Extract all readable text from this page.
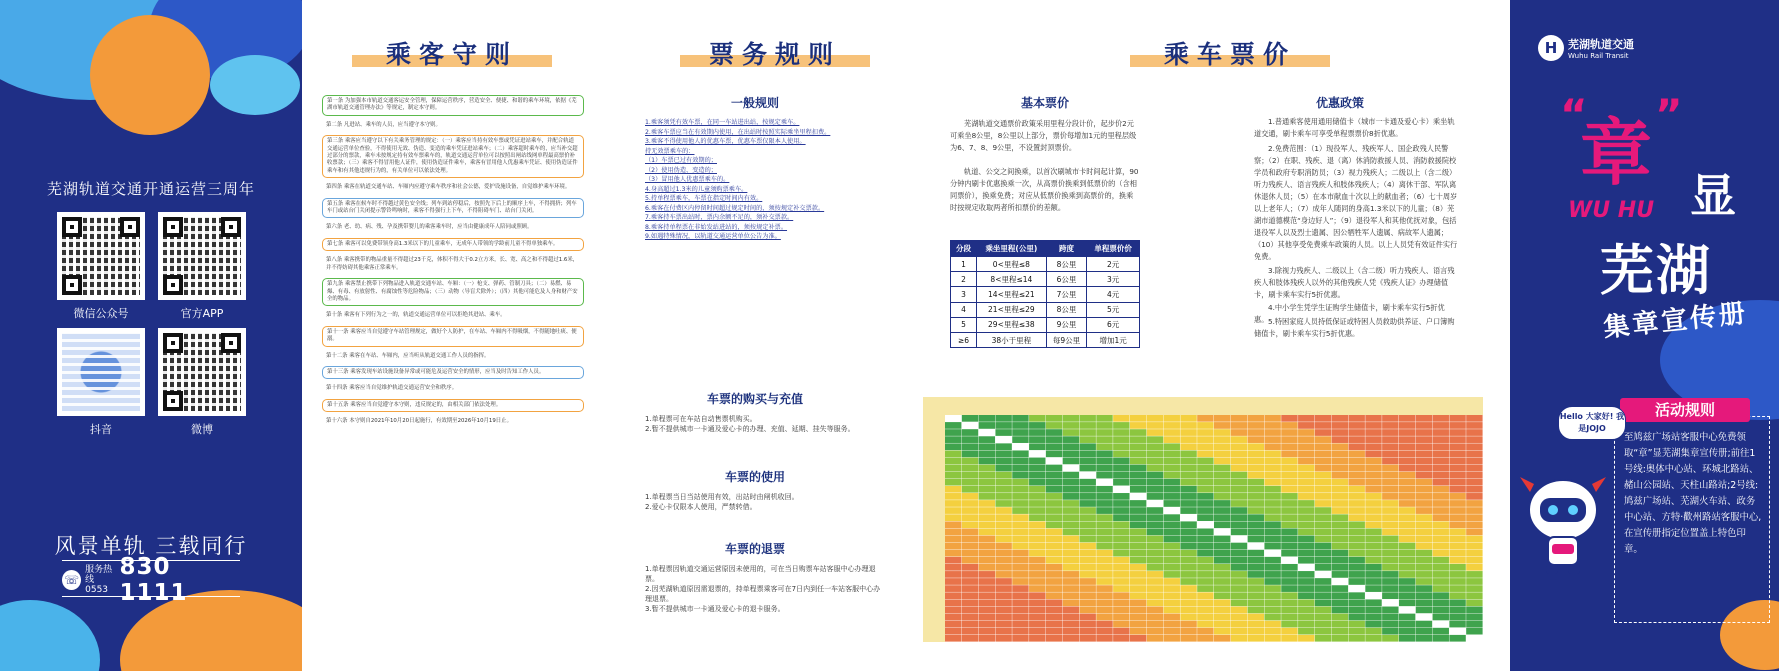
芜湖轨道交通开通运营三周年
微信公众号	官方APP
抖音	微博
风景单轨 三载同行
☏
服务热线
0553
830 1111
乘客守则
第一条 为加强本市轨道交通客运安全管理，保障运营秩序，营造安全、便捷、和谐的乘车环境，依据《芜湖市轨道交通管理办法》等规定，制定本守则。
第二条 凡进站、乘车的人员，应当遵守本守则。
第三条 乘客应当遵守以下有关乘务管理的规定：（一）乘客应当持有效车票或凭证进站乘车，并配合轨道交通运营单位查验，不得使用无效、伪造、变造的乘车凭证进站乘车；（二）乘客超时乘车的，应当补交超过部分的票款，乘车未按规定持有效车票乘车的，轨道交通运营单位可以按照出闸站线网单程最高票价补收票款；（三）乘客不得冒用他人证件，使用伪造证件乘车，乘客有冒用他人优惠乘车凭证、使用伪造证件乘车和有其他违规行为的，有关单位可以依法处理。
第四条 乘客在轨道交通车站、车厢内应遵守乘车秩序和社会公德，爱护设施设备，自觉维护乘车环境。
第五条 乘客在候车时不得越过黄色安全线；列车到站停稳后，按照先下后上的顺序上车，不得拥挤；列车车门或站台门关闭提示警铃鸣响时，乘客不得强行上下车，不得阻碍车门、站台门关闭。
第六条 老、幼、病、残、孕及携带婴儿的乘客乘车时，应当由健康成年人陪同或照顾。
第七条 乘客可以免费带领身高1.3米以下的儿童乘车，无成年人带领的学龄前儿童不得单独乘车。
第八条 乘客携带的物品重量不得超过23千克，体积不得大于0.2立方米，长、宽、高之和不得超过1.6米，并不得妨碍其他乘客正常乘车。
第九条 乘客禁止携带下列物品进入轨道交通车站、车厢：（一）枪支、弹药、管制刀具；（二）易燃、易爆、有毒、有放射性、有腐蚀性等危险物品；（三）动物（导盲犬除外）；（四）其他可能危及人身和财产安全的物品。
第十条 乘客有下列行为之一的，轨道交通运营单位可以拒绝其进站、乘车。
第十一条 乘客应当自觉遵守车站管理规定，做好个人防护，在车站、车厢内不得吸烟，不得随地吐痰、便溺。
第十二条 乘客在车站、车厢内，应当听从轨道交通工作人员的指挥。
第十三条 乘客发现车站设施设备异常或可能危及运营安全的情形，应当及时告知工作人员。
第十四条 乘客应当自觉维护轨道交通运营安全和秩序。
第十五条 乘客应当自觉遵守本守则，违反规定的，由相关部门依法处理。
第十六条 本守则自2021年10月20日起施行，有效期至2026年10月19日止。
票务规则
一般规则

1.乘客须凭有效车票，在同一车站进出站，按规定乘车。

2.乘客车票应当在有效期内使用，在出站时按照实际乘坐里程扣费。

3.乘客不得使用他人的优惠车票，优惠车票仅限本人使用。

持无效票乘车的：

（1）车票已过有效期的；

（2）使用伪造、变造的；

（3）冒用他人优惠票乘车的。

4.身高超过1.3米的儿童须购票乘车。

5.持单程票乘车，车票在指定时间内有效。

6.乘客在付费区内停留时间超过规定时间的，须按规定补交票款。

7.乘客持车票出站时，票内余额不足的，须补交票款。

8.乘客持单程票在非始发站进站的，须按规定补票。

9.如遇特殊情况，以轨道交通运营单位公告为准。

车票的购买与充值

1.单程票可在车站自动售票机购买。

2.暂不提供城市一卡通及爱心卡的办理、充值、延期、挂失等服务。

车票的使用

1.单程票当日当站使用有效，出站时由闸机收回。

2.爱心卡仅限本人使用，严禁转借。

车票的退票

1.单程票因轨道交通运营原因未使用的，可在当日购票车站客服中心办理退票。

2.因芜湖轨道原因需退票的，持单程票乘客可在7日内到任一车站客服中心办理退票。

3.暂不提供城市一卡通及爱心卡的退卡服务。

乘车票价
基本票价
芜湖轨道交通票价政策采用里程分段计价，起步价2元可乘坐8公里，8公里以上部分，票价每增加1元的里程层级为6、7、8、9公里，不设置封顶票价。
轨道、公交之间换乘，以首次刷城市卡时间起计算，90分钟内刷卡优惠换乘一次，从高票价换乘到低票价的（含相同票价），换乘免费；对应从低票价换乘到高票价的，换乘时按规定收取两者所扣票价的差额。
分段	乘坐里程(公里)	跨度	单程票价价
1	0<里程≤8	8公里	2元
2	8<里程≤14	6公里	3元
3	14<里程≤21	7公里	4元
4	21<里程≤29	8公里	5元
5	29<里程≤38	9公里	6元
≥6	38小于里程	每9公里	增加1元
优惠政策
1.普通乘客使用通用储值卡（城市一卡通及爱心卡）乘坐轨道交通，刷卡乘车可享受单程票票价8折优惠。
2.免费范围：（1）现役军人、残疾军人、国企政残人民警察；（2）在职、残疾、退（离）休消防救援人员、消防救援院校学员和政府专职消防员；（3）视力残疾人；二级以上（含二级）听力残疾人、语言残疾人和肢体残疾人；（4）离休干部、军队离休退休人员；（5）在本市献血十次以上的献血者；（6）七十周岁以上老年人；（7）成年人随同的身高1.3米以下的儿童；（8）芜湖市道德模范“身边好人”；（9）退役军人和其他优抚对象，包括退役军人以及烈士遗属、因公牺牲军人遗属、病故军人遗属；（10）其他享受免费乘车政策的人员。以上人员凭有效证件实行免费。
3.除视力残疾人、二级以上（含二级）听力残疾人、语言残疾人和肢体残疾人以外的其他残疾人凭《残疾人证》办理储值卡，刷卡乘车实行5折优惠。
4.中小学生凭学生证购学生储值卡，刷卡乘车实行5折优惠。 5.特困家庭人员持低保证或特困人员救助供养证、户口簿购储值卡，刷卡乘车实行5折优惠。
H 芜湖轨道交通
Wuhu Rail Transit
“
章 ”
显
WU HU
芜湖
集章宣传册
活动规则
至鸠兹广场站客服中心免费领取“章”显芜湖集章宣传册;前往1号线:奥体中心站、环城北路站、赭山公园站、天柱山路站;2号线:鸠兹广场站、芜湖火车站、政务中心站、方特·歡州路站客服中心,在宣传册指定位置盖上特色印章。
Hello 大家好! 我是JOJO
